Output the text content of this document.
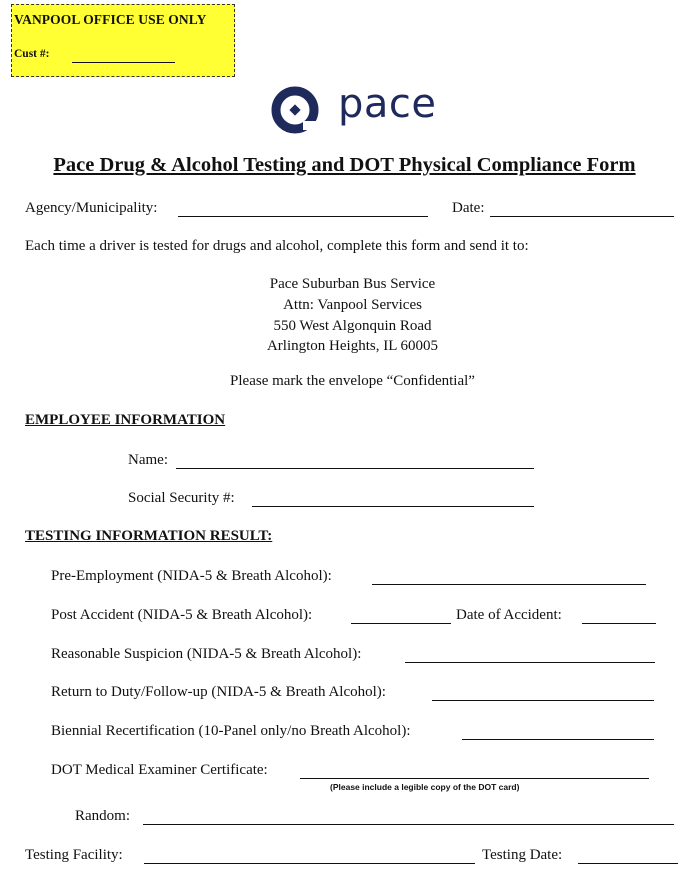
VANPOOL OFFICE USE ONLY
Cust #:
pace
Pace Drug & Alcohol Testing and DOT Physical Compliance Form
Agency/Municipality:	Date:
Each time a driver is tested for drugs and alcohol, complete this form and send it to:
Pace Suburban Bus Service
Attn: Vanpool Services
550 West Algonquin Road
Arlington Heights, IL 60005
Please mark the envelope “Confidential”
EMPLOYEE INFORMATION
Name:
Social Security #:
TESTING INFORMATION RESULT:
Pre-Employment (NIDA-5 & Breath Alcohol):
Post Accident (NIDA-5 & Breath Alcohol):	Date of Accident:
Reasonable Suspicion (NIDA-5 & Breath Alcohol):
Return to Duty/Follow-up (NIDA-5 & Breath Alcohol):
Biennial Recertification (10-Panel only/no Breath Alcohol):
DOT Medical Examiner Certificate:
(Please include a legible copy of the DOT card)
Random:
Testing Facility:	Testing Date:
